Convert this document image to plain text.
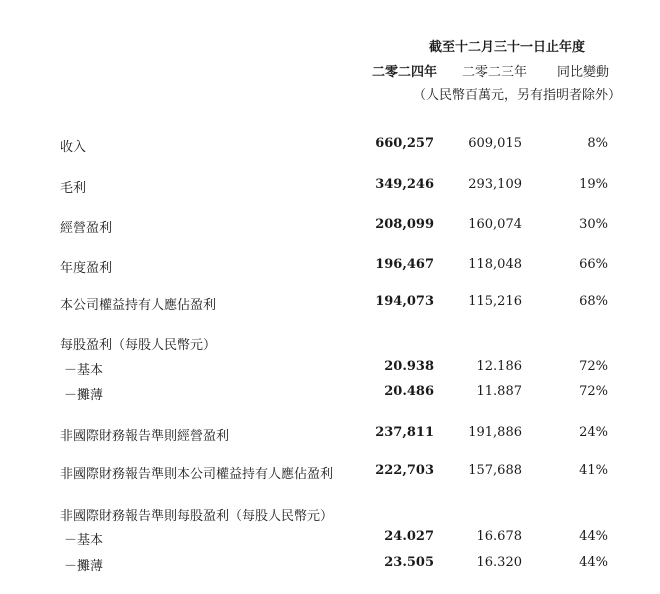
截至十二月三十一日止年度
二零二四年 二零二三年 同比變動
（人民幣百萬元，另有指明者除外）
收入	660,257	609,015	8%
毛利	349,246	293,109	19%
經營盈利	208,099	160,074	30%
年度盈利	196,467	118,048	66%
本公司權益持有人應佔盈利	194,073	115,216	68%
每股盈利（每股人民幣元）
－基本	20.938	12.186	72%
－攤薄	20.486	11.887	72%
非國際財務報告準則經營盈利	237,811	191,886	24%
非國際財務報告準則本公司權益持有人應佔盈利	222,703	157,688	41%
非國際財務報告準則每股盈利（每股人民幣元）
－基本	24.027	16.678	44%
－攤薄	23.505	16.320	44%
